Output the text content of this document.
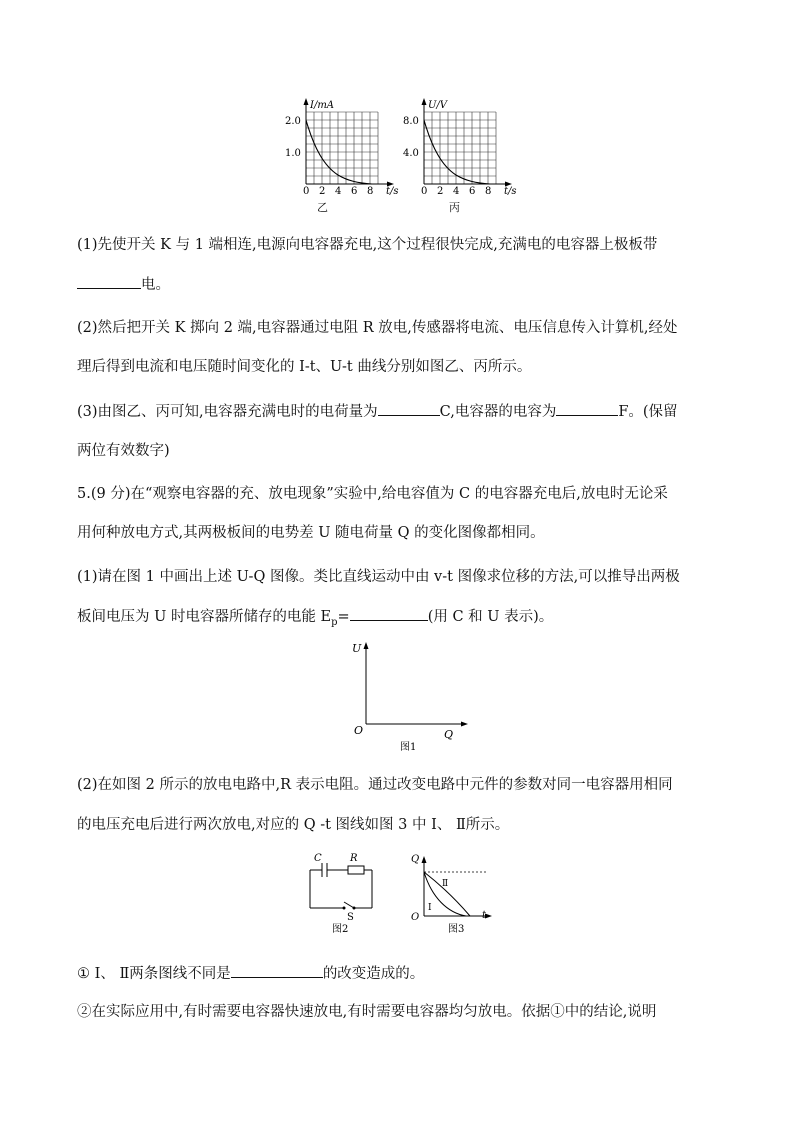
I/mA
2.0
1.0
0 2 4 6 8 t/s
乙
U/V
8.0
4.0
0 2 4 6 8 t/s
丙
(1)先使开关 K 与 1 端相连,电源向电容器充电,这个过程很快完成,充满电的电容器上极板带
电。
(2)然后把开关 K 掷向 2 端,电容器通过电阻 R 放电,传感器将电流、电压信息传入计算机,经处
理后得到电流和电压随时间变化的 I-t、U-t 曲线分别如图乙、丙所示。
(3)由图乙、丙可知,电容器充满电时的电荷量为	C,电容器的电容为	F。(保留
两位有效数字)
5.(9 分)在“观察电容器的充、放电现象”实验中,给电容值为 C 的电容器充电后,放电时无论采
用何种放电方式,其两极板间的电势差 U 随电荷量 Q 的变化图像都相同。
(1)请在图 1 中画出上述 U-Q 图像。类比直线运动中由 v-t 图像求位移的方法,可以推导出两极
板间电压为 U 时电容器所储存的电能 $E_p=$	(用 C 和 U 表示)。
U
O	Q
图1
(2)在如图 2 所示的放电电路中,R 表示电阻。通过改变电路中元件的参数对同一电容器用相同
的电压充电后进行两次放电,对应的 Q -t 图线如图 3 中 Ⅰ、 Ⅱ所示。
C	R
S
图2
Q
O	t
Ⅰ
Ⅱ
图3
① Ⅰ、 Ⅱ两条图线不同是	的改变造成的。
②在实际应用中,有时需要电容器快速放电,有时需要电容器均匀放电。依据①中的结论,说明
